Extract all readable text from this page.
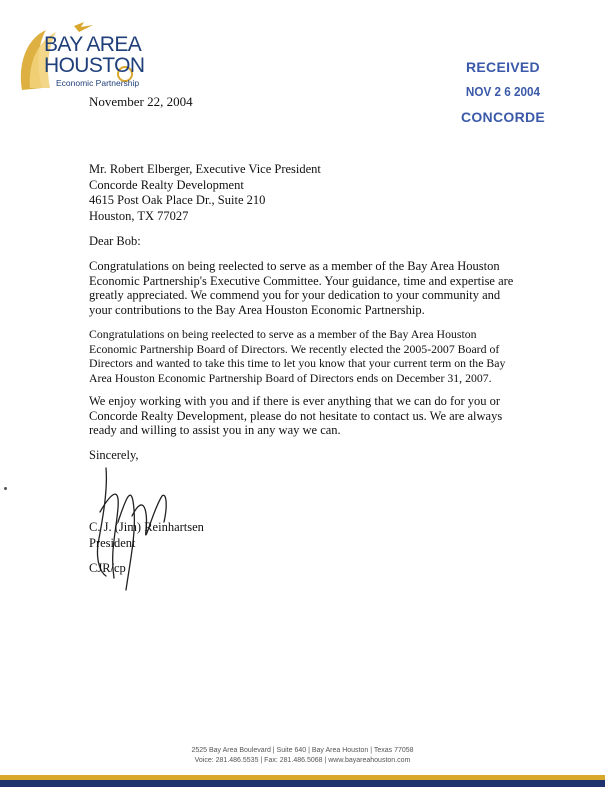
BAY AREA
HOUSTON
Economic Partnership
November 22, 2004
RECEIVED
NOV 2 6 2004
CONCORDE
Mr. Robert Elberger, Executive Vice President
Concorde Realty Development
4615 Post Oak Place Dr., Suite 210
Houston, TX 77027
Dear Bob:
Congratulations on being reelected to serve as a member of the Bay Area Houston Economic Partnership's Executive Committee. Your guidance, time and expertise are greatly appreciated. We commend you for your dedication to your community and your contributions to the Bay Area Houston Economic Partnership.
Congratulations on being reelected to serve as a member of the Bay Area Houston Economic Partnership Board of Directors. We recently elected the 2005-2007 Board of Directors and wanted to take this time to let you know that your current term on the Bay Area Houston Economic Partnership Board of Directors ends on December 31, 2007.
We enjoy working with you and if there is ever anything that we can do for you or Concorde Realty Development, please do not hesitate to contact us. We are always ready and willing to assist you in any way we can.
Sincerely,
C. J. (Jim) Reinhartsen
President
CJR/cp
2525 Bay Area Boulevard | Suite 640 | Bay Area Houston | Texas 77058
Voice: 281.486.5535 | Fax: 281.486.5068 | www.bayareahouston.com
